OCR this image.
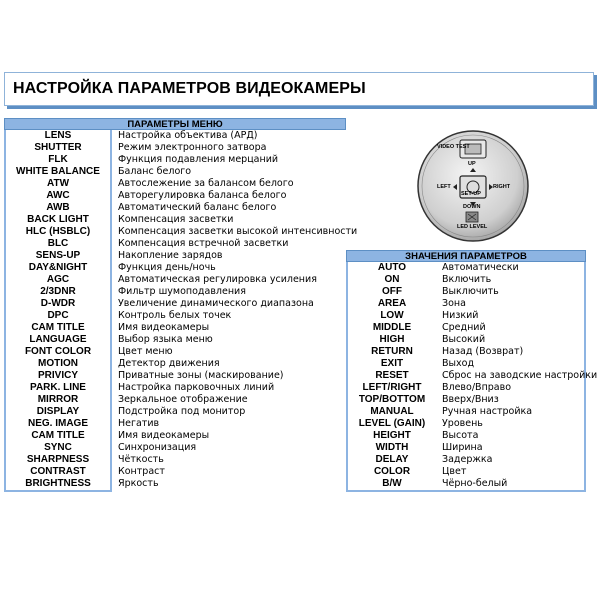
НАСТРОЙКА ПАРАМЕТРОВ ВИДЕОКАМЕРЫ
ПАРАМЕТРЫ МЕНЮ
LENS	Настройка объектива (АРД)
SHUTTER	Режим электронного затвора
FLK	Функция подавления мерцаний
WHITE BALANCE	Баланс белого
ATW	Автослежение за балансом белого
AWC	Авторегулировка баланса белого
AWB	Автоматический баланс белого
BACK LIGHT	Компенсация засветки
HLC (HSBLC)	Компенсация засветки высокой интенсивности
BLC	Компенсация встречной засветки
SENS-UP	Накопление зарядов
DAY&NIGHT	Функция день/ночь
AGC	Автоматическая регулировка усиления
2/3DNR	Фильтр шумоподавления
D-WDR	Увеличение динамического диапазона
DPC	Контроль белых точек
CAM TITLE	Имя видеокамеры
LANGUAGE	Выбор языка меню
FONT COLOR	Цвет меню
MOTION	Детектор движения
PRIVICY	Приватные зоны (маскирование)
PARK. LINE	Настройка парковочных линий
MIRROR	Зеркальное отображение
DISPLAY	Подстройка под монитор
NEG. IMAGE	Негатив
CAM TITLE	Имя видеокамеры
SYNC	Синхронизация
SHARPNESS	Чёткость
CONTRAST	Контраст
BRIGHTNESS	Яркость
VIDEO TEST
UP
LEFT	RIGHT
SET-UP
DOWN
LED LEVEL
ЗНАЧЕНИЯ ПАРАМЕТРОВ
AUTO	Автоматически
ON	Включить
OFF	Выключить
AREA	Зона
LOW	Низкий
MIDDLE	Средний
HIGH	Высокий
RETURN	Назад (Возврат)
EXIT	Выход
RESET	Сброс на заводские настройки
LEFT/RIGHT	Влево/Вправо
TOP/BOTTOM	Вверх/Вниз
MANUAL	Ручная настройка
LEVEL (GAIN)	Уровень
HEIGHT	Высота
WIDTH	Ширина
DELAY	Задержка
COLOR	Цвет
B/W	Чёрно-белый
